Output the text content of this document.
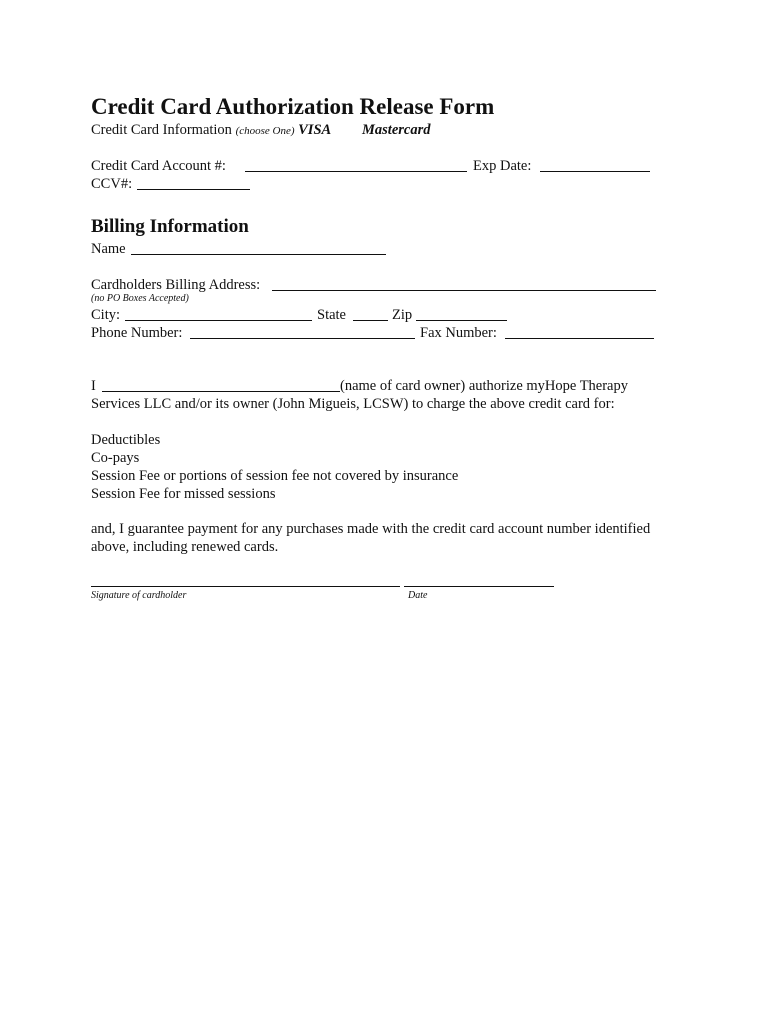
Credit Card Authorization Release Form
Credit Card Information (choose One) VISA Mastercard
Credit Card Account #:	Exp Date:
CCV#:
Billing Information
Name
Cardholders Billing Address:
(no PO Boxes Accepted)
City:	State	Zip
Phone Number:	Fax Number:
I	(name of card owner) authorize myHope Therapy
Services LLC and/or its owner (John Migueis, LCSW) to charge the above credit card for:
Deductibles
Co-pays
Session Fee or portions of session fee not covered by insurance
Session Fee for missed sessions
and, I guarantee payment for any purchases made with the credit card account number identified
above, including renewed cards.
Signature of cardholder	Date
